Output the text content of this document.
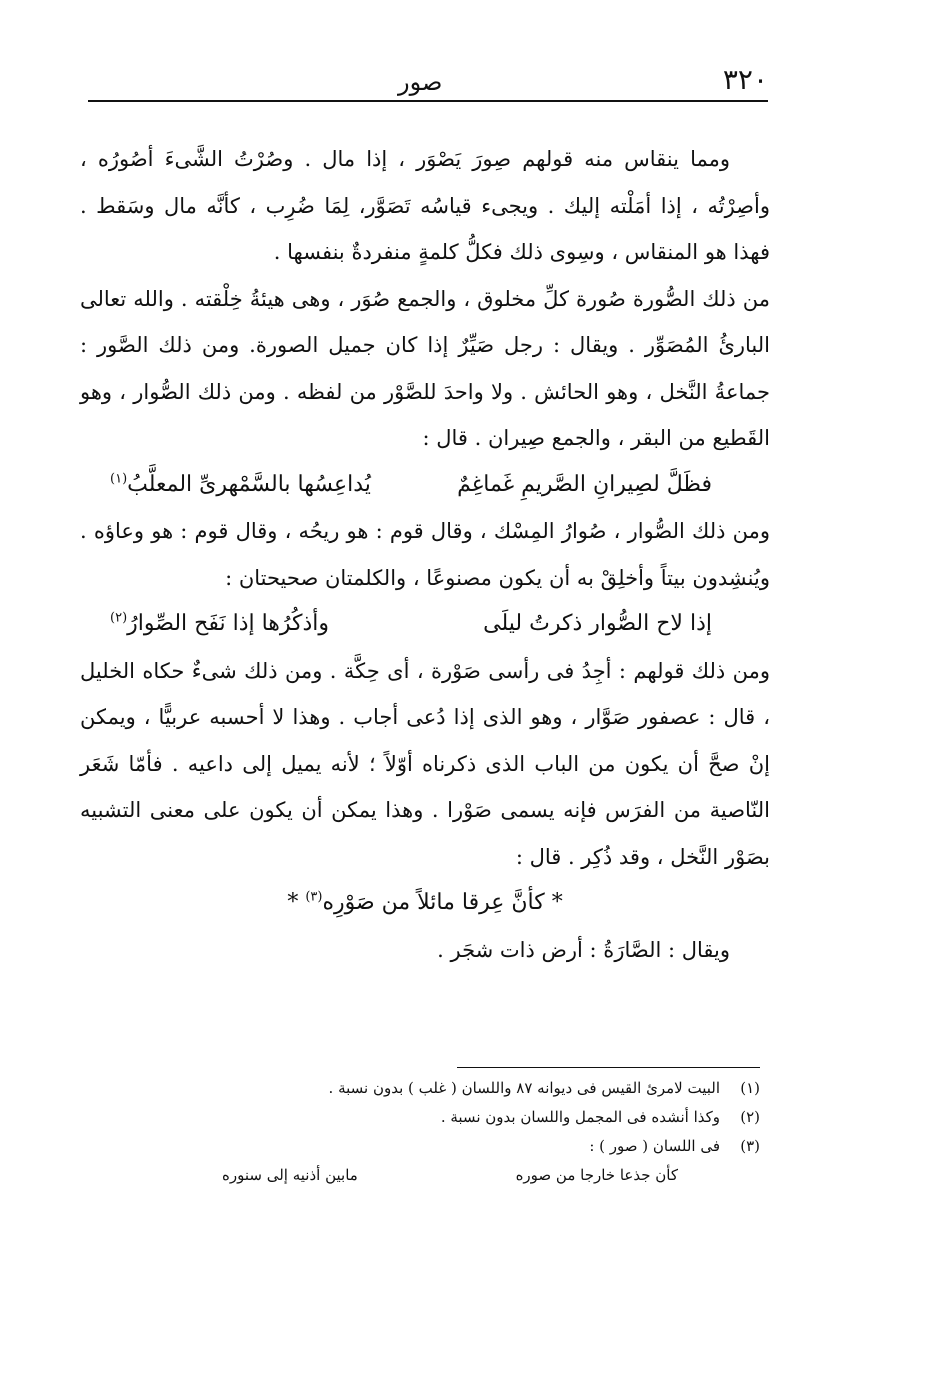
٣٢٠
صور

ومما ينقاس منه قولهم صِورَ يَصْوَر ، إذا مال . وصُرْتُ الشَّىءَ أصُورُه ، وأصِرْتُه ، إذا أمَلْته إليك . ويجىء قياسُه تَصَوَّر، لِمَا ضُرِب ، كأنَّه مال وسَقط . فهذا هو المنقاس ، وسِوى ذلك فكلُّ كلمةٍ منفردةٌ بنفسها .

من ذلك الصُّورة صُورة كلِّ مخلوق ، والجمع صُوَر ، وهى هيئةُ خِلْقته . والله تعالى البارئُ المُصَوِّر . ويقال : رجل صَيِّرٌ إذا كان جميل الصورة. ومن ذلك الصَّور : جماعةُ النَّخل ، وهو الحائش . ولا واحدَ للصَّوْر من لفظه . ومن ذلك الصُّوار ، وهو القَطيع من البقر ، والجمع صِيران . قال :

فظَلَّ لصِيرانِ الصَّريمِ غَماغِمٌ
يُداعِسُها بالسَّمْهرىِّ المعلَّبُ$^{(١)}$

ومن ذلك الصُّوار ، صُوارُ المِسْك ، وقال قوم : هو ريحُه ، وقال قوم : هو وعاؤه . ويُنشِدون بيتاً وأخلِقْ به أن يكون مصنوعًا ، والكلمتان صحيحتان :

إذا لاح الصُّوار ذكرتُ ليلَى
وأذكُرُها إذا نَفَح الصِّوارُ$^{(٢)}$

ومن ذلك قولهم : أجِدُ فى رأسى صَوْرة ، أى حِكَّة . ومن ذلك شىءٌ حكاه الخليل ، قال : عصفور صَوَّار ، وهو الذى إذا دُعى أجاب . وهذا لا أحسبه عربيًّا ، ويمكن إنْ صحَّ أن يكون من الباب الذى ذكرناه أوّلاً ؛ لأنه يميل إلى داعيه . فأمّا شَعَر النّاصية من الفرَس فإنه يسمى صَوْرا . وهذا يمكن أن يكون على معنى التشبيه بصَوْر النَّخل ، وقد ذُكِر . قال :

* كأنَّ عِرقا مائلاً من صَوْرِه$^{(٣)}$ *

ويقال : الصَّارَةُ : أرض ذات شجَر .

(١)البيت لامرئ القيس فى ديوانه ٨٧ واللسان ( غلب ) بدون نسبة .

(٢)وكذا أنشده فى المجمل واللسان بدون نسبة .

(٣)فى اللسان ( صور ) :

كأن جذعا خارجا من صوره
مابين أذنيه إلى سنوره
